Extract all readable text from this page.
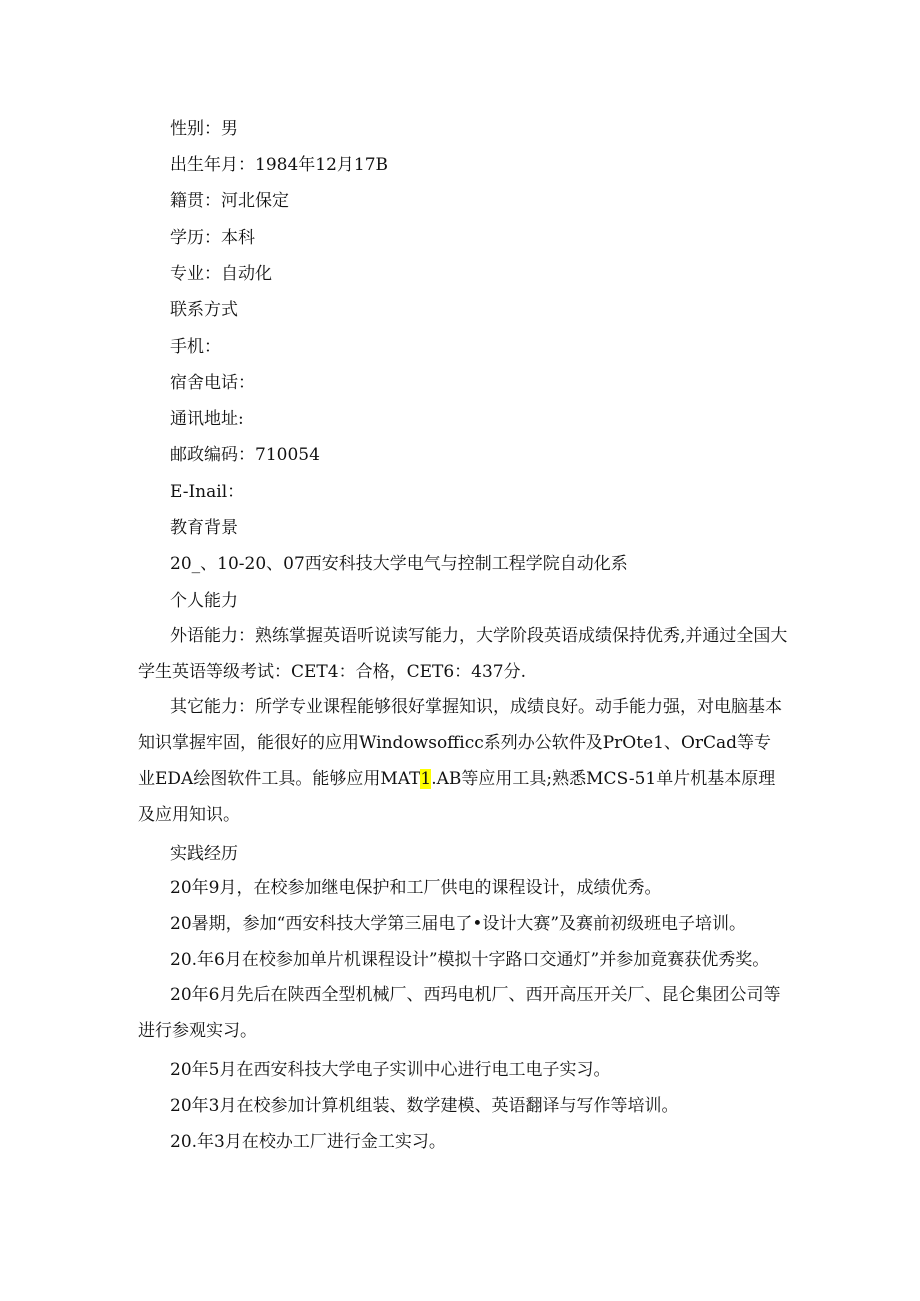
性别：男
出生年月：1984年12月17B
籍贯：河北保定
学历：本科
专业：自动化
联系方式
手机：
宿舍电话：
通讯地址:
邮政编码：710054
E-Inail：
教育背景
20_、10-20、07西安科技大学电气与控制工程学院自动化系
个人能力
外语能力：熟练掌握英语听说读写能力，大学阶段英语成绩保持优秀,并通过全国大学生英语等级考试：CET4：合格，CET6：437分.
其它能力：所学专业课程能够很好掌握知识，成绩良好。动手能力强，对电脑基本知识掌握牢固，能很好的应用Windowsofficc系列办公软件及PrOte1、OrCad等专业EDA绘图软件工具。能够应用MAT1.AB等应用工具;熟悉MCS-51单片机基本原理及应用知识。
实践经历
20年9月，在校参加继电保护和工厂供电的课程设计，成绩优秀。
20暑期，参加“西安科技大学第三届电了•设计大赛”及赛前初级班电子培训。
20.年6月在校参加单片机课程设计”模拟十字路口交通灯”并参加竟赛获优秀奖。
20年6月先后在陕西全型机械厂、西玛电机厂、西开高压开关厂、昆仑集团公司等进行参观实习。
20年5月在西安科技大学电子实训中心进行电工电子实习。
20年3月在校参加计算机组装、数学建模、英语翻译与写作等培训。
20.年3月在校办工厂进行金工实习。
